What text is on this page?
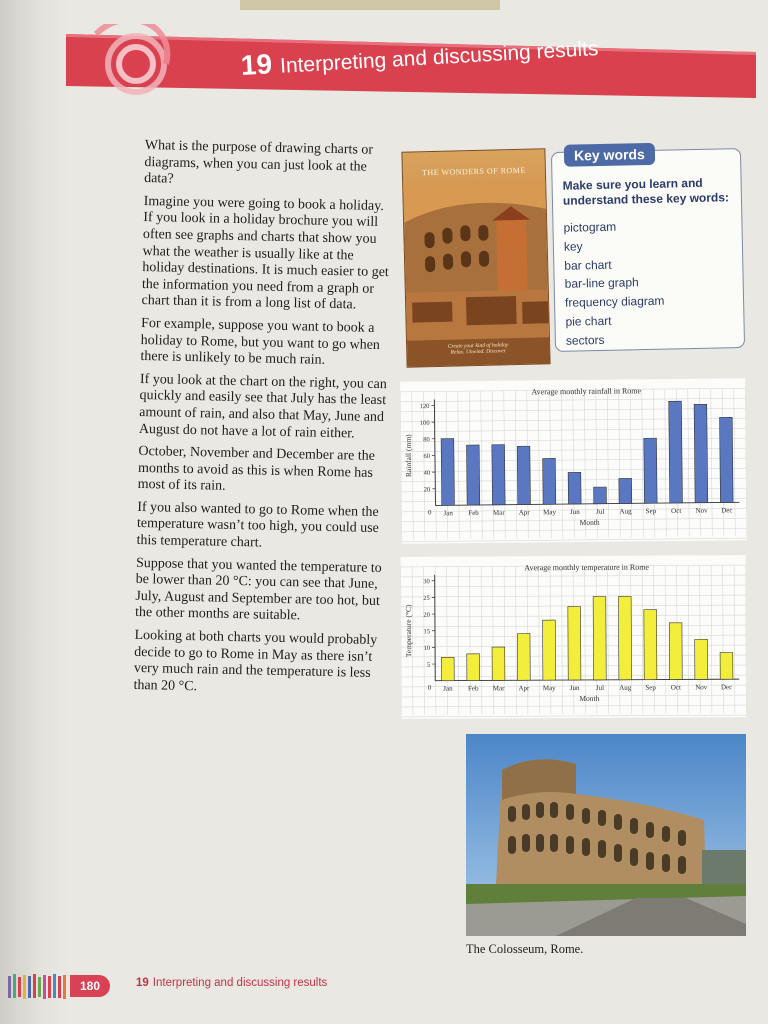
19 Interpreting and discussing results

What is the purpose of drawing charts or diagrams, when you can just look at the data?

Imagine you were going to book a holiday. If you look in a holiday brochure you will often see graphs and charts that show you what the weather is usually like at the holiday destinations. It is much easier to get the information you need from a graph or chart than it is from a long list of data.

For example, suppose you want to book a holiday to Rome, but you want to go when there is unlikely to be much rain.

If you look at the chart on the right, you can quickly and easily see that July has the least amount of rain, and also that May, June and August do not have a lot of rain either.

October, November and December are the months to avoid as this is when Rome has most of its rain.

If you also wanted to go to Rome when the temperature wasn’t too high, you could use this temperature chart.

Suppose that you wanted the temperature to be lower than 20 °C: you can see that June, July, August and September are too hot, but the other months are suitable.

Looking at both charts you would probably decide to go to Rome in May as there isn’t very much rain and the temperature is less than 20 °C.

THE WONDERS OF ROME
Create your kind of holiday
Relax. Unwind. Discover
Key words
Make sure you learn and understand these key words:
pictogram
key
bar chart
bar-line graph
frequency diagram
pie chart
sectors
Average monthly rainfall in Rome
20
40
60
80
100
120
0
Rainfall (mm)
Jan Feb Mar Apr May Jun Jul Aug Sep Oct Nov Dec
Month
Average monthly temperature in Rome
5
10
15
20
25
30
0
Temperature (°C)
Jan Feb Mar Apr May Jun Jul Aug Sep Oct Nov Dec
Month
The Colosseum, Rome.
180	19 Interpreting and discussing results
